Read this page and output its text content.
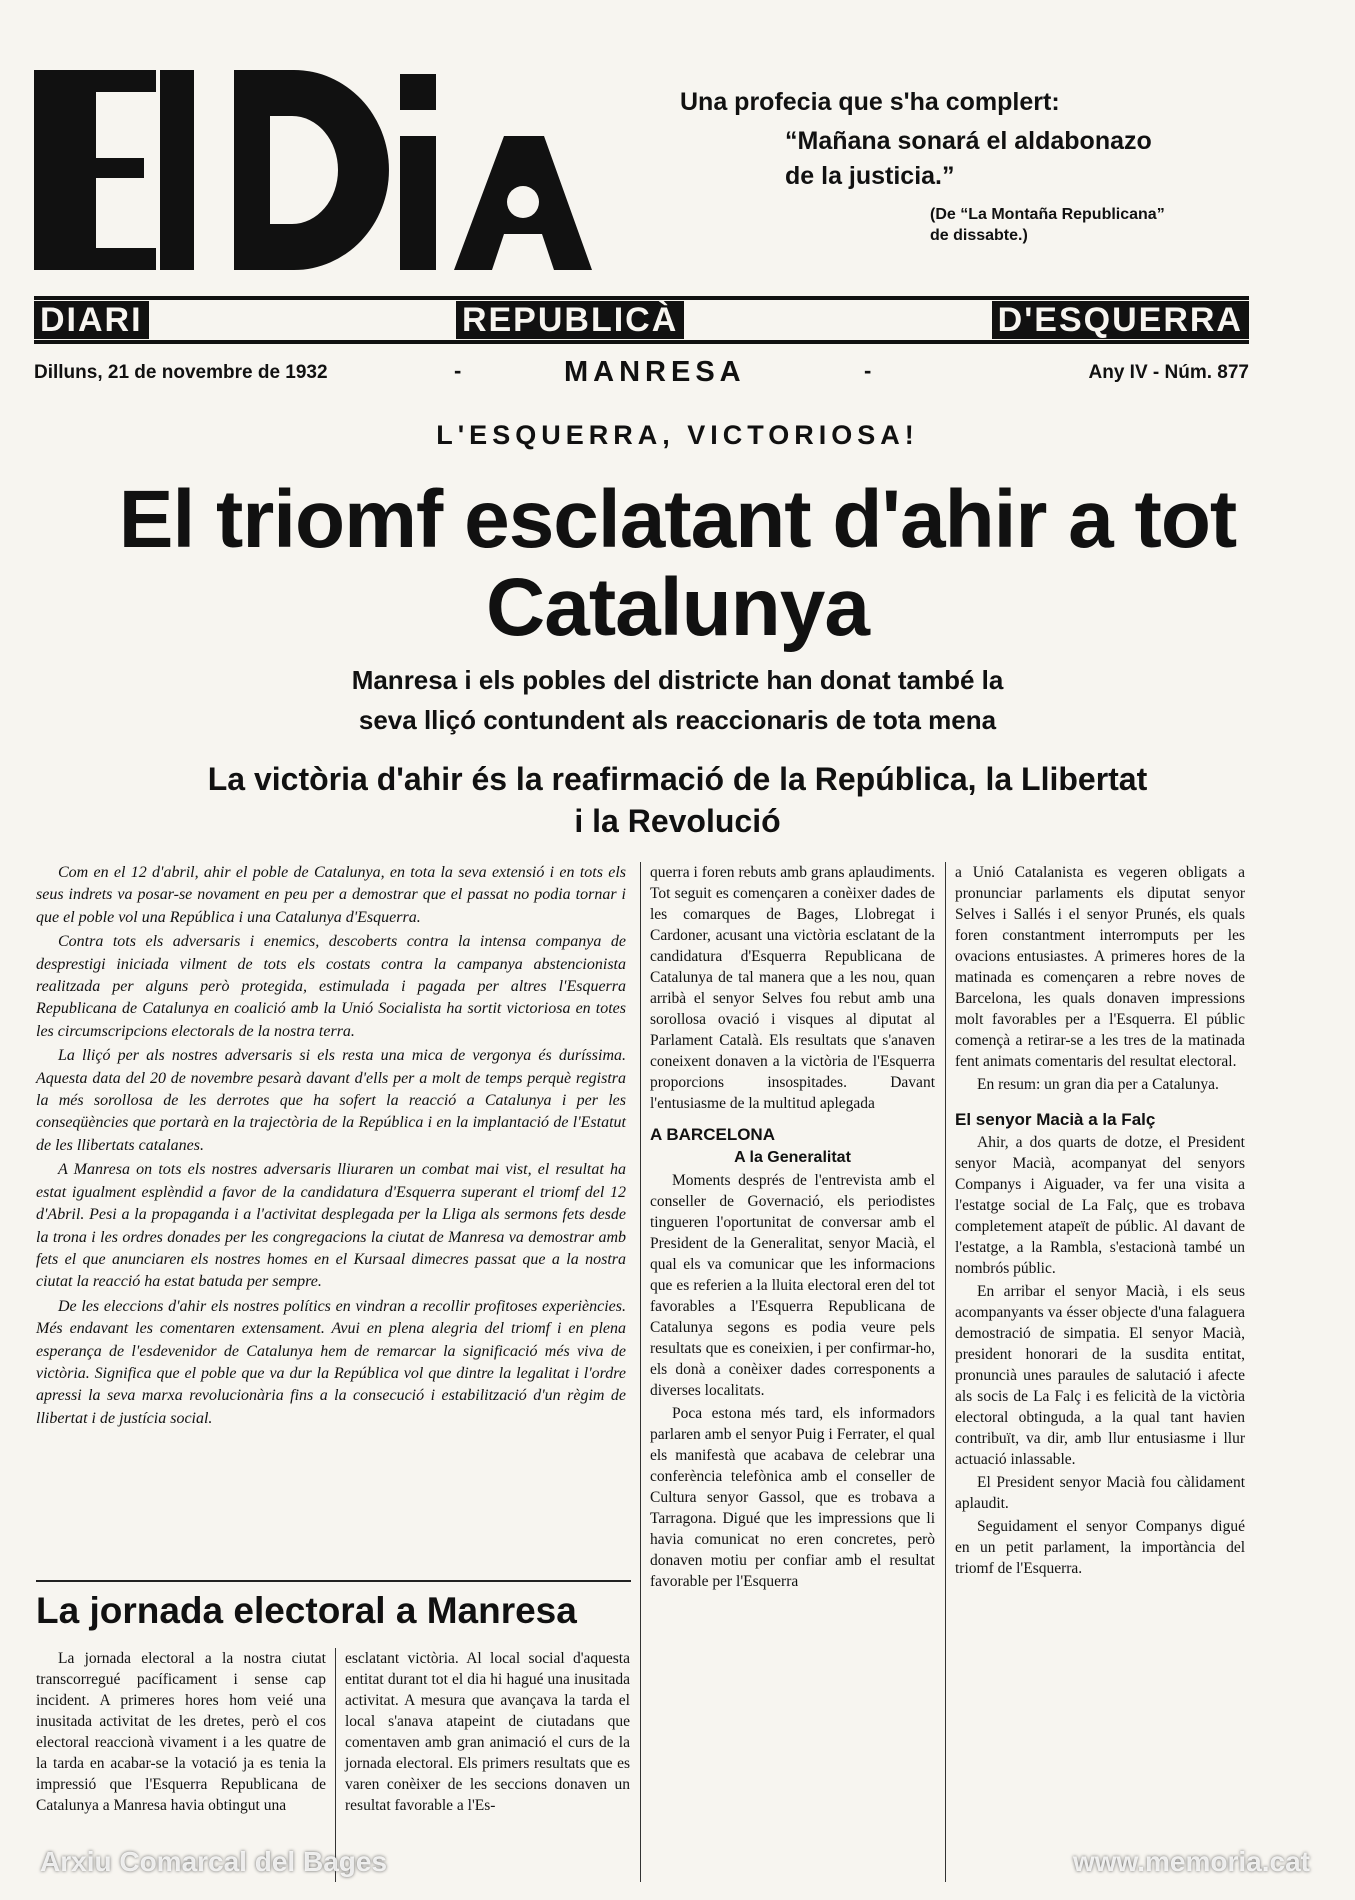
Una profecia que s'ha complert:
“Mañana sonará el aldabonazo
de la justicia.”
(De “La Montaña Republicana”
de dissabte.)
DIARI	REPUBLICÀ	D'ESQUERRA
Dilluns, 21 de novembre de 1932	-	MANRESA	-	Any IV - Núm. 877
L'ESQUERRA, VICTORIOSA!
El triomf esclatant d'ahir a tot
Catalunya
Manresa i els pobles del districte han donat també la
seva lliçó contundent als reaccionaris de tota mena
La victòria d'ahir és la reafirmació de la República, la Llibertat
i la Revolució

Com en el 12 d'abril, ahir el poble de Catalunya, en tota la seva extensió i en tots els seus indrets va posar-se novament en peu per a demostrar que el passat no podia tornar i que el poble vol una República i una Catalunya d'Esquerra.

Contra tots els adversaris i enemics, descoberts contra la intensa companya de desprestigi iniciada vilment de tots els costats contra la campanya abstencionista realitzada per alguns però protegida, estimulada i pagada per altres l'Esquerra Republicana de Catalunya en coalició amb la Unió Socialista ha sortit victoriosa en totes les circumscripcions electorals de la nostra terra.

La lliçó per als nostres adversaris si els resta una mica de vergonya és duríssima. Aquesta data del 20 de novembre pesarà davant d'ells per a molt de temps perquè registra la més sorollosa de les derrotes que ha sofert la reacció a Catalunya i per les conseqüències que portarà en la trajectòria de la República i en la implantació de l'Estatut de les llibertats catalanes.

A Manresa on tots els nostres adversaris lliuraren un combat mai vist, el resultat ha estat igualment esplèndid a favor de la candidatura d'Esquerra superant el triomf del 12 d'Abril. Pesi a la propaganda i a l'activitat desplegada per la Lliga als sermons fets desde la trona i les ordres donades per les congregacions la ciutat de Manresa va demostrar amb fets el que anunciaren els nostres homes en el Kursaal dimecres passat que a la nostra ciutat la reacció ha estat batuda per sempre.

De les eleccions d'ahir els nostres polítics en vindran a recollir profitoses experiències. Més endavant les comentaren extensament. Avui en plena alegria del triomf i en plena esperança de l'esdevenidor de Catalunya hem de remarcar la significació més viva de victòria. Significa que el poble que va dur la República vol que dintre la legalitat i l'ordre apressi la seva marxa revolucionària fins a la consecució i estabilització d'un règim de llibertat i de justícia social.

querra i foren rebuts amb grans aplaudiments. Tot seguit es començaren a conèixer dades de les comarques de Bages, Llobregat i Cardoner, acusant una victòria esclatant de la candidatura d'Esquerra Republicana de Catalunya de tal manera que a les nou, quan arribà el senyor Selves fou rebut amb una sorollosa ovació i visques al diputat al Parlament Català. Els resultats que s'anaven coneixent donaven a la victòria de l'Esquerra proporcions insospitades. Davant l'entusiasme de la multitud aplegada

A BARCELONA

A la Generalitat

Moments després de l'entrevista amb el conseller de Governació, els periodistes tingueren l'oportunitat de conversar amb el President de la Generalitat, senyor Macià, el qual els va comunicar que les informacions que es referien a la lluita electoral eren del tot favorables a l'Esquerra Republicana de Catalunya segons es podia veure pels resultats que es coneixien, i per confirmar-ho, els donà a conèixer dades corresponents a diverses localitats.

Poca estona més tard, els informadors parlaren amb el senyor Puig i Ferrater, el qual els manifestà que acabava de celebrar una conferència telefònica amb el conseller de Cultura senyor Gassol, que es trobava a Tarragona. Digué que les impressions que li havia comunicat no eren concretes, però donaven motiu per confiar amb el resultat favorable per l'Esquerra

a Unió Catalanista es vegeren obligats a pronunciar parlaments els diputat senyor Selves i Sallés i el senyor Prunés, els quals foren constantment interromputs per les ovacions entusiastes. A primeres hores de la matinada es començaren a rebre noves de Barcelona, les quals donaven impressions molt favorables per a l'Esquerra. El públic començà a retirar-se a les tres de la matinada fent animats comentaris del resultat electoral.

En resum: un gran dia per a Catalunya.

El senyor Macià a la Falç

Ahir, a dos quarts de dotze, el President senyor Macià, acompanyat del senyors Companys i Aiguader, va fer una visita a l'estatge social de La Falç, que es trobava completement atapeït de públic. Al davant de l'estatge, a la Rambla, s'estacionà també un nombrós públic.

En arribar el senyor Macià, i els seus acompanyants va ésser objecte d'una falaguera demostració de simpatia. El senyor Macià, president honorari de la susdita entitat, pronuncià unes paraules de salutació i afecte als socis de La Falç i es felicità de la victòria electoral obtinguda, a la qual tant havien contribuït, va dir, amb llur entusiasme i llur actuació inlassable.

El President senyor Macià fou càlidament aplaudit.

Seguidament el senyor Companys digué en un petit parlament, la importància del triomf de l'Esquerra.

La jornada electoral a Manresa

La jornada electoral a la nostra ciutat transcorregué pacíficament i sense cap incident. A primeres hores hom veié una inusitada activitat de les dretes, però el cos electoral reaccionà vivament i a les quatre de la tarda en acabar-se la votació ja es tenia la impressió que l'Esquerra Republicana de Catalunya a Manresa havia obtingut una

esclatant victòria. Al local social d'aquesta entitat durant tot el dia hi hagué una inusitada activitat. A mesura que avançava la tarda el local s'anava atapeint de ciutadans que comentaven amb gran animació el curs de la jornada electoral. Els primers resultats que es varen conèixer de les seccions donaven un resultat favorable a l'Es-

Arxiu Comarcal del Bages	www.memoria.cat
